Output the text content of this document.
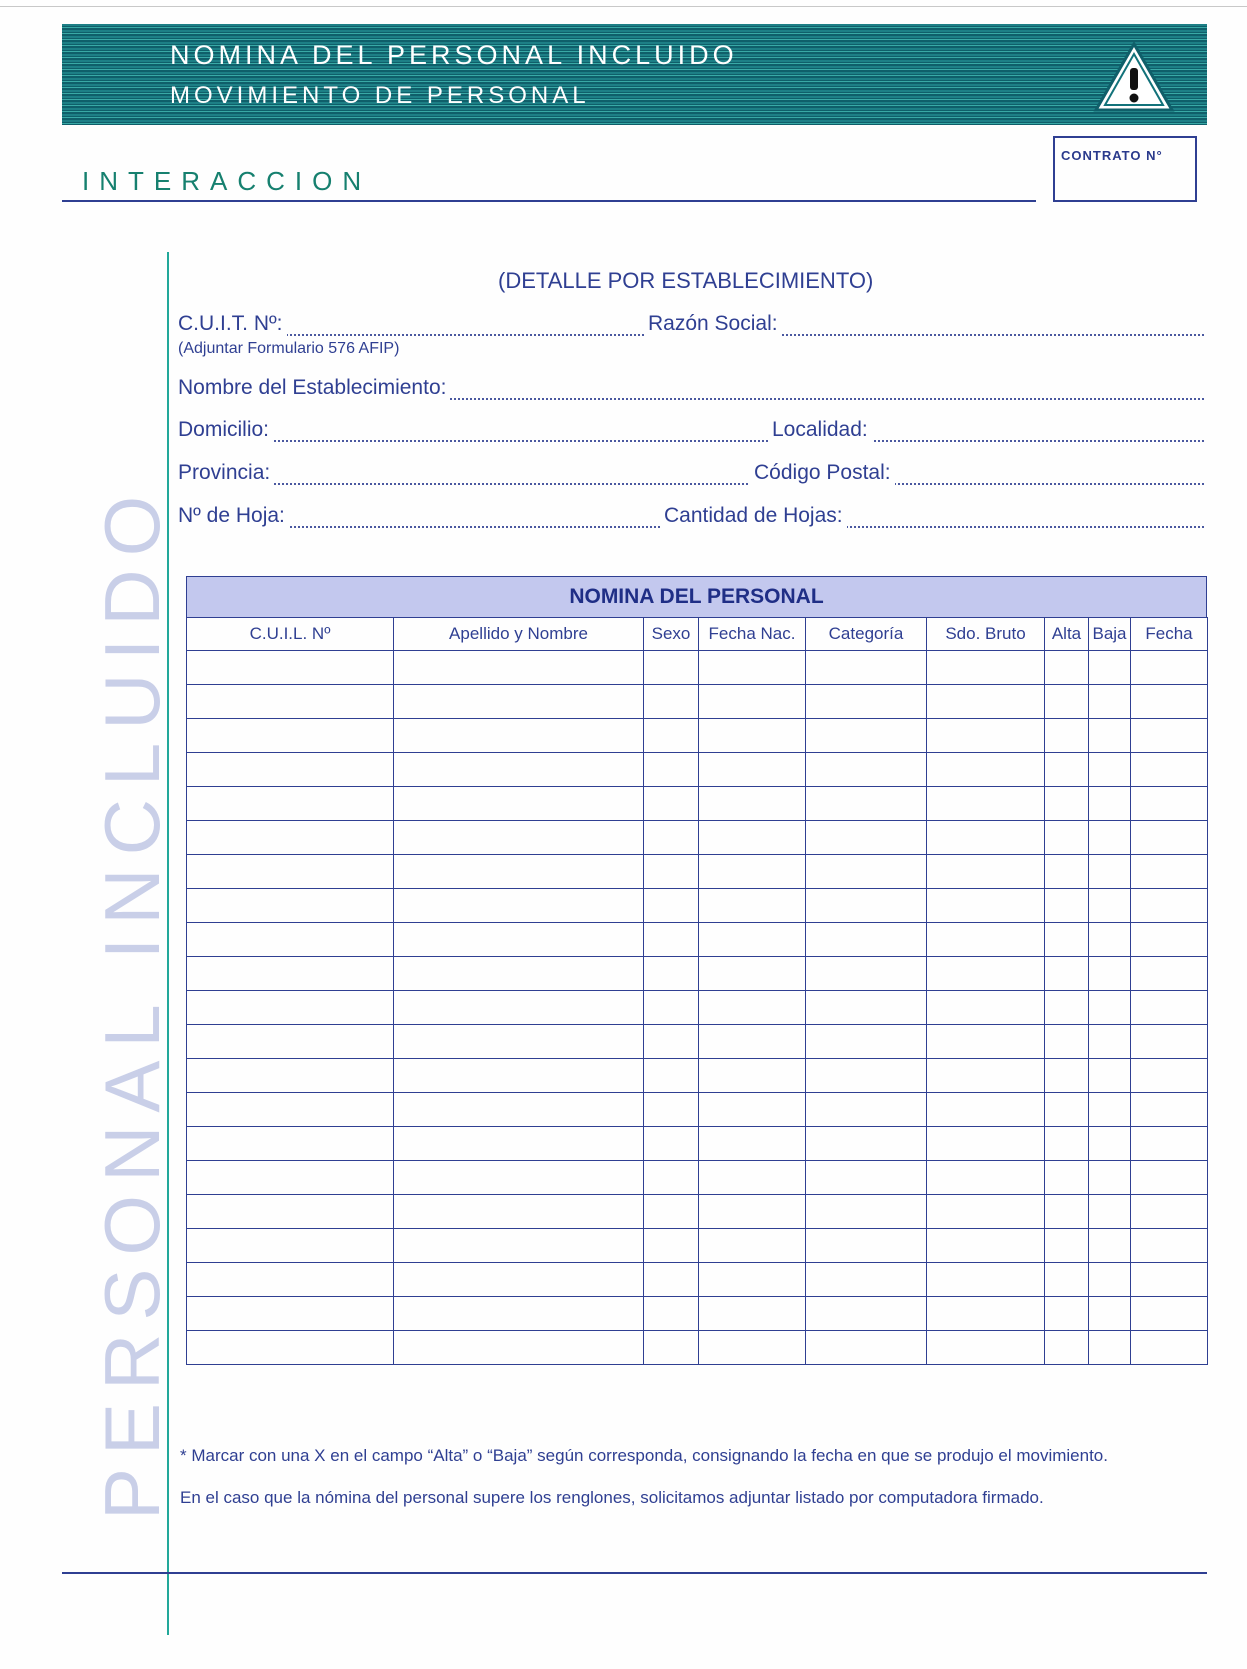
NOMINA DEL PERSONAL INCLUIDO
MOVIMIENTO DE PERSONAL
INTERACCION
CONTRATO N°
PERSONAL INCLUIDO
(DETALLE POR ESTABLECIMIENTO)
C.U.I.T. Nº:	Razón Social:
(Adjuntar Formulario 576 AFIP)
Nombre del Establecimiento:
Domicilio:	Localidad:
Provincia:	Código Postal:
Nº de Hoja:	Cantidad de Hojas:
NOMINA DEL PERSONAL
C.U.I.L. Nº	Apellido y Nombre	Sexo	Fecha Nac.	Categoría	Sdo. Bruto	Alta	Baja	Fecha

* Marcar con una X en el campo “Alta” o “Baja” según corresponda, consignando la fecha en que se produjo el movimiento.
En el caso que la nómina del personal supere los renglones, solicitamos adjuntar listado por computadora firmado.
